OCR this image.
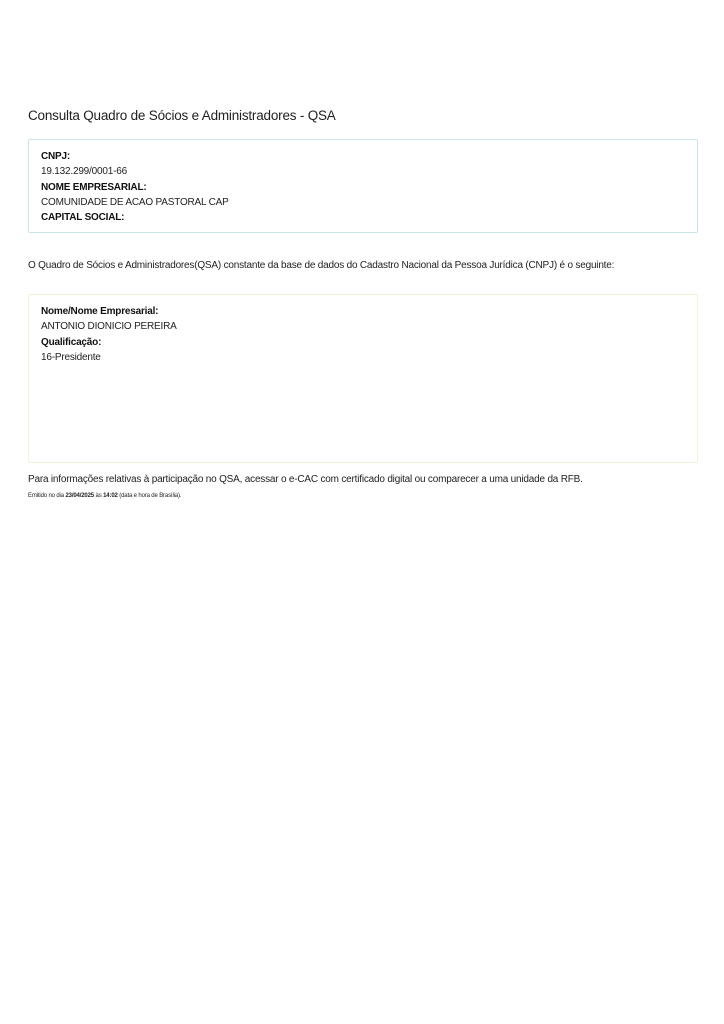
Consulta Quadro de Sócios e Administradores - QSA
CNPJ:
19.132.299/0001-66
NOME EMPRESARIAL:
COMUNIDADE DE ACAO PASTORAL CAP
CAPITAL SOCIAL:
O Quadro de Sócios e Administradores(QSA) constante da base de dados do Cadastro Nacional da Pessoa Jurídica (CNPJ) é o seguinte:
Nome/Nome Empresarial:
ANTONIO DIONICIO PEREIRA
Qualificação:
16-Presidente
Para informações relativas à participação no QSA, acessar o e-CAC com certificado digital ou comparecer a uma unidade da RFB.
Emitido no dia 23/04/2025 às 14:02 (data e hora de Brasília).
